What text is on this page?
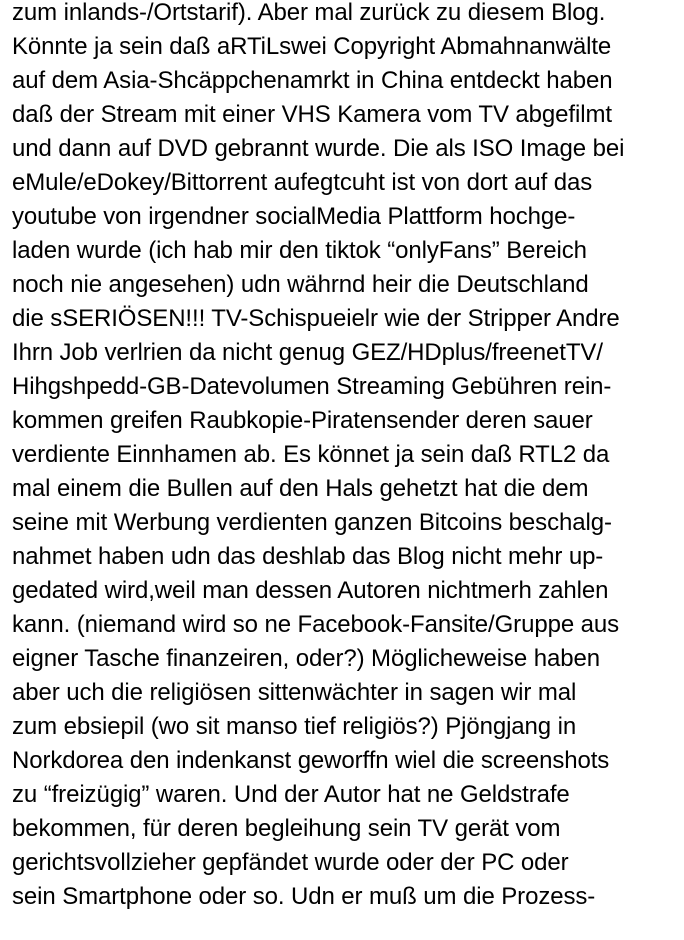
zum inlands-/Ortstarif). Aber mal zurück zu diesem Blog.
Könnte ja sein daß aRTiLswei Copyright Abmahnanwälte
auf dem Asia-Shcäppchenamrkt in China entdeckt haben
daß der Stream mit einer VHS Kamera vom TV abgefilmt
und dann auf DVD gebrannt wurde. Die als ISO Image bei
eMule/eDokey/Bittorrent aufegtcuht ist von dort auf das
youtube von irgendner socialMedia Plattform hochge-
laden wurde (ich hab mir den tiktok “onlyFans” Bereich
noch nie angesehen) udn währnd heir die Deutschland
die sSERIÖSEN!!! TV-Schispueielr wie der Stripper Andre
Ihrn Job verlrien da nicht genug GEZ/HDplus/freenetTV/
Hihgshpedd-GB-Datevolumen Streaming Gebühren rein-
kommen greifen Raubkopie-Piratensender deren sauer
verdiente Einnhamen ab. Es könnet ja sein daß RTL2 da
mal einem die Bullen auf den Hals gehetzt hat die dem
seine mit Werbung verdienten ganzen Bitcoins beschalg-
nahmet haben udn das deshlab das Blog nicht mehr up-
gedated wird,weil man dessen Autoren nichtmerh zahlen
kann. (niemand wird so ne Facebook-Fansite/Gruppe aus
eigner Tasche finanzeiren, oder?) Möglicheweise haben
aber uch die religiösen sittenwächter in sagen wir mal
zum ebsiepil (wo sit manso tief religiös?) Pjöngjang in
Norkdorea den indenkanst geworffn wiel die screenshots
zu “freizügig” waren. Und der Autor hat ne Geldstrafe
bekommen, für deren begleihung sein TV gerät vom
gerichtsvollzieher gepfändet wurde oder der PC oder
sein Smartphone oder so. Udn er muß um die Prozess-
